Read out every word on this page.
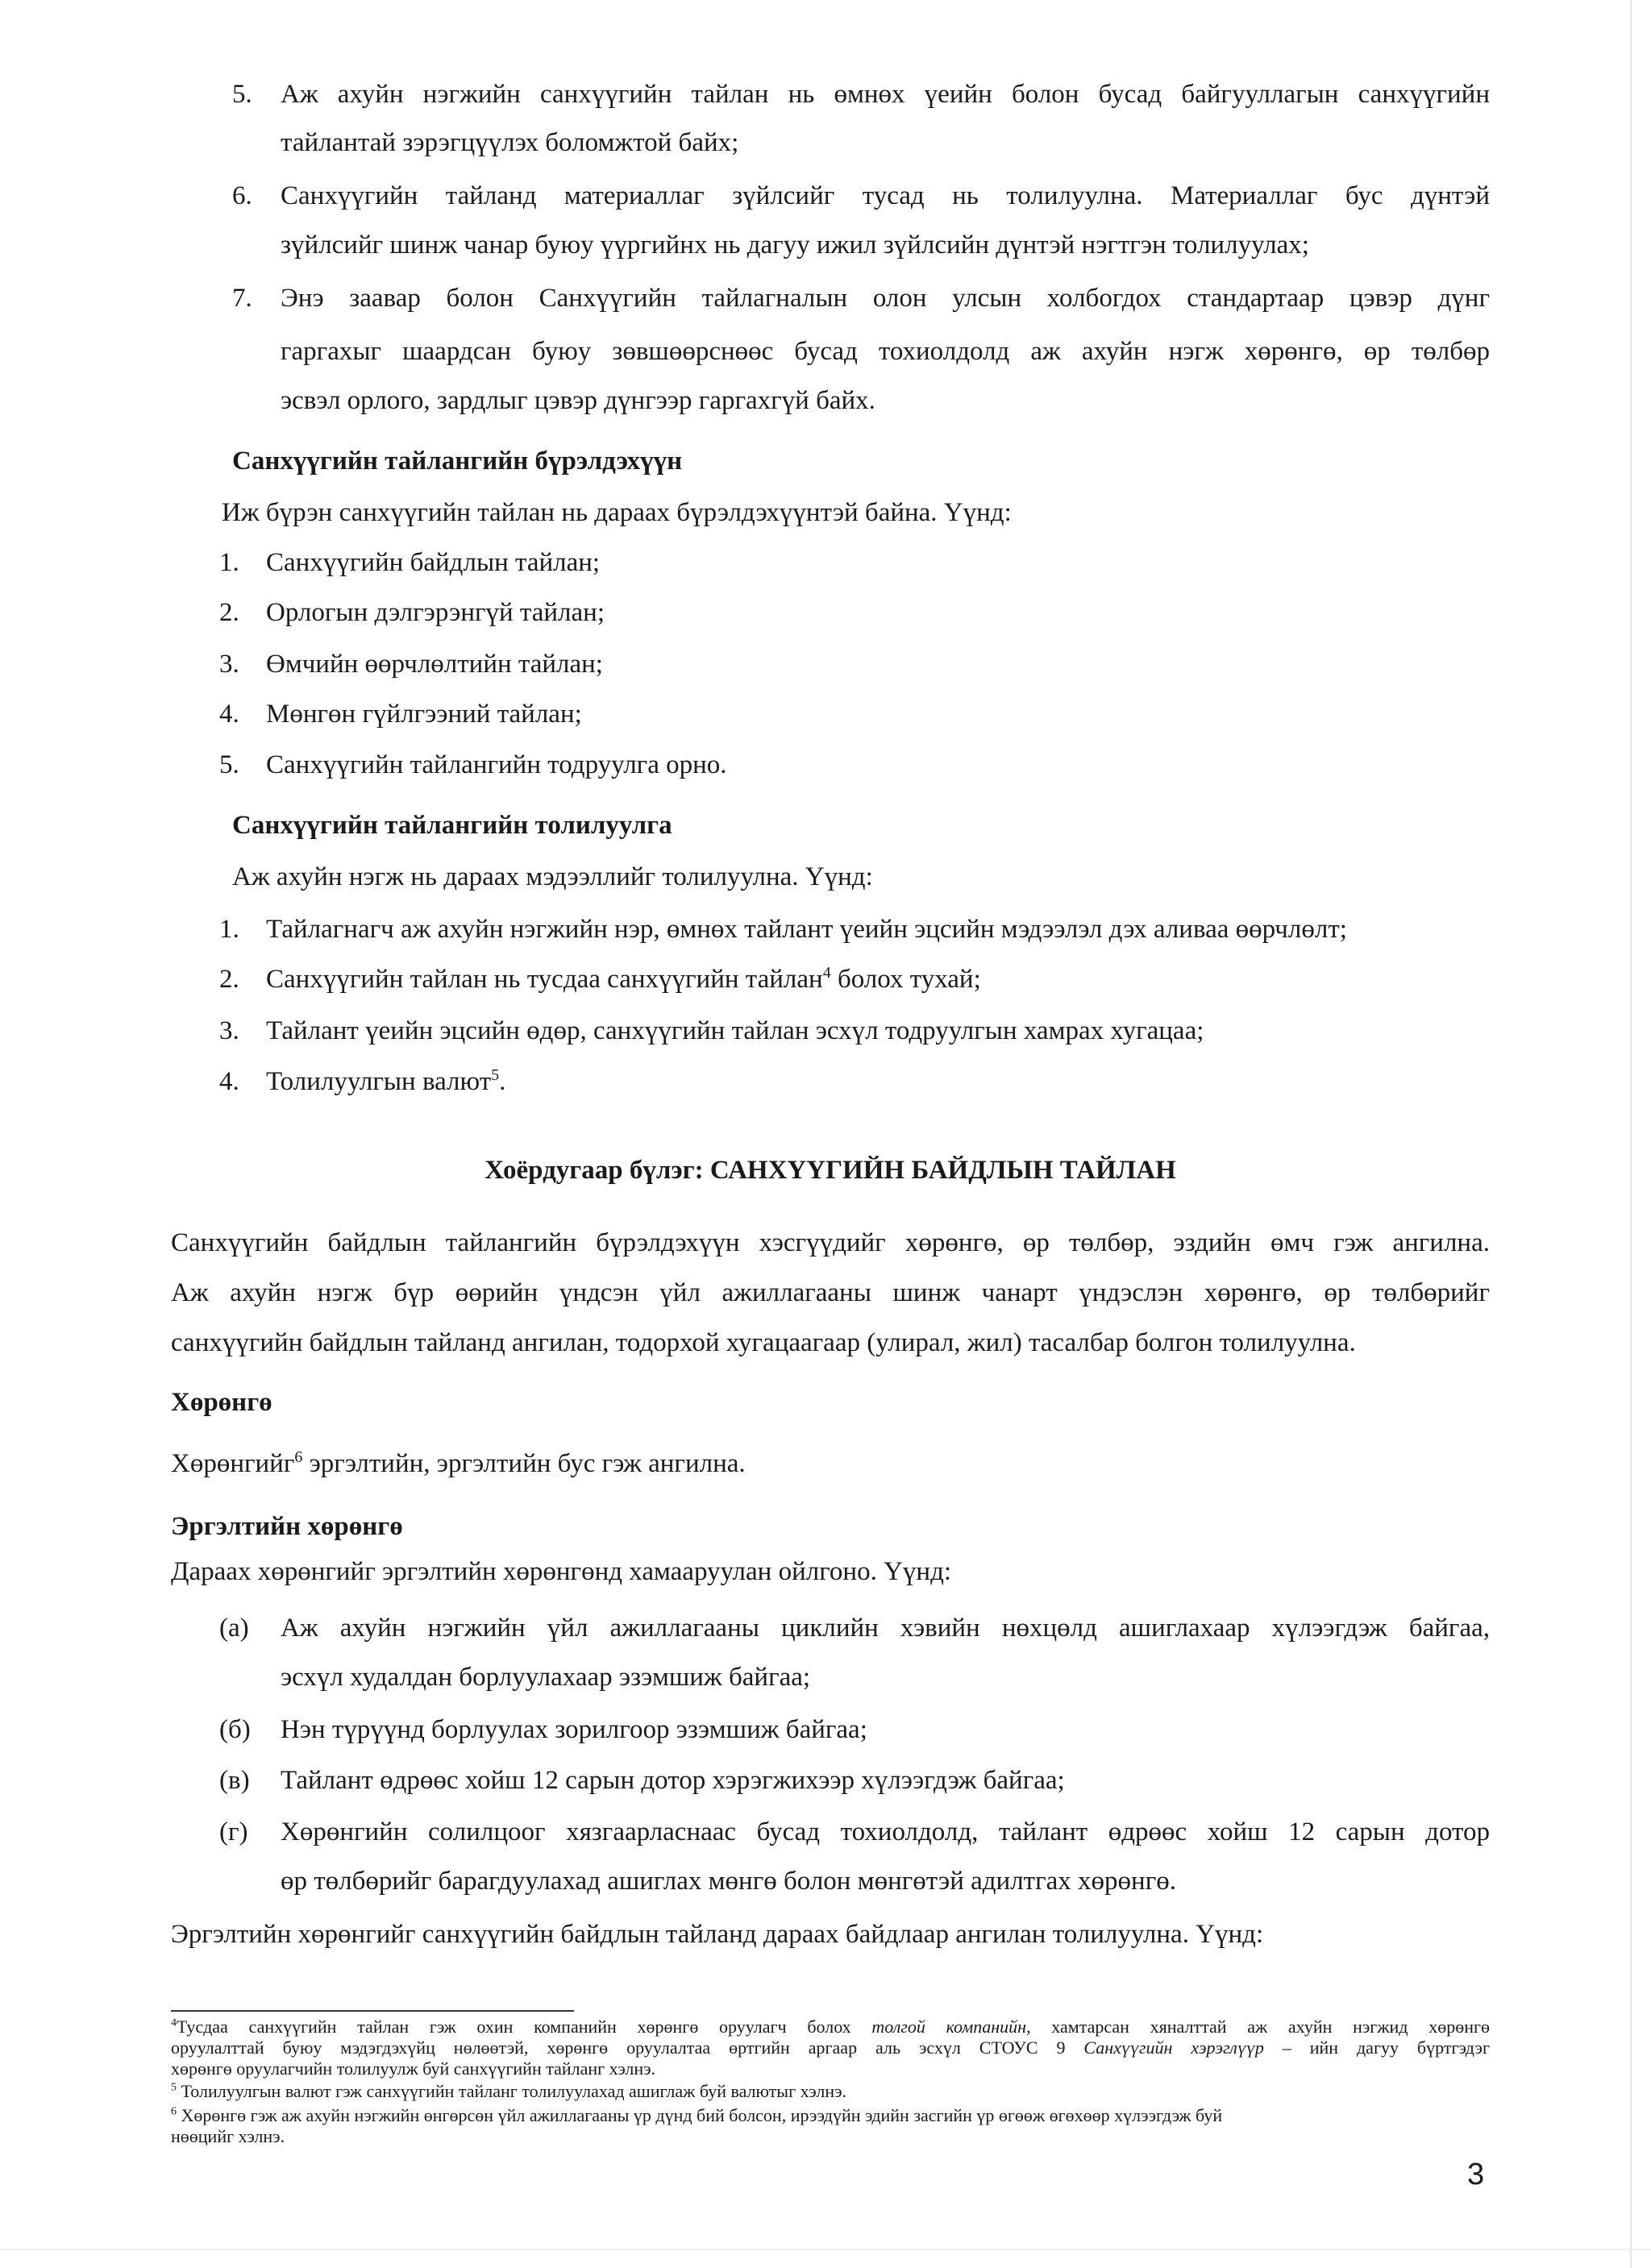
5. Аж ахуйн нэгжийн санхүүгийн тайлан нь өмнөх үеийн болон бусад байгууллагын санхүүгийн
тайлантай зэрэгцүүлэх боломжтой байх;
6. Санхүүгийн тайланд материаллаг зүйлсийг тусад нь толилуулна. Материаллаг бус дүнтэй
зүйлсийг шинж чанар буюу үүргийнх нь дагуу ижил зүйлсийн дүнтэй нэгтгэн толилуулах;
7. Энэ заавар болон Санхүүгийн тайлагналын олон улсын холбогдох стандартаар цэвэр дүнг
гаргахыг шаардсан буюу зөвшөөрснөөс бусад тохиолдолд аж ахуйн нэгж хөрөнгө, өр төлбөр
эсвэл орлого, зардлыг цэвэр дүнгээр гаргахгүй байх.
Санхүүгийн тайлангийн бүрэлдэхүүн
Иж бүрэн санхүүгийн тайлан нь дараах бүрэлдэхүүнтэй байна. Үүнд:
1. Санхүүгийн байдлын тайлан;
2. Орлогын дэлгэрэнгүй тайлан;
3. Өмчийн өөрчлөлтийн тайлан;
4. Мөнгөн гүйлгээний тайлан;
5. Санхүүгийн тайлангийн тодруулга орно.
Санхүүгийн тайлангийн толилуулга
Аж ахуйн нэгж нь дараах мэдээллийг толилуулна. Үүнд:
1. Тайлагнагч аж ахуйн нэгжийн нэр, өмнөх тайлант үеийн эцсийн мэдээлэл дэх аливаа өөрчлөлт;
2. Санхүүгийн тайлан нь тусдаа санхүүгийн тайлан$^4$ болох тухай;
3. Тайлант үеийн эцсийн өдөр, санхүүгийн тайлан эсхүл тодруулгын хамрах хугацаа;
4. Толилуулгын валют$^5$.
Хоёрдугаар бүлэг: САНХҮҮГИЙН БАЙДЛЫН ТАЙЛАН
Санхүүгийн байдлын тайлангийн бүрэлдэхүүн хэсгүүдийг хөрөнгө, өр төлбөр, эздийн өмч гэж ангилна.
Аж ахуйн нэгж бүр өөрийн үндсэн үйл ажиллагааны шинж чанарт үндэслэн хөрөнгө, өр төлбөрийг
санхүүгийн байдлын тайланд ангилан, тодорхой хугацаагаар (улирал, жил) тасалбар болгон толилуулна.
Хөрөнгө
Хөрөнгийг$^6$ эргэлтийн, эргэлтийн бус гэж ангилна.
Эргэлтийн хөрөнгө
Дараах хөрөнгийг эргэлтийн хөрөнгөнд хамааруулан ойлгоно. Үүнд:
(а) Аж ахуйн нэгжийн үйл ажиллагааны циклийн хэвийн нөхцөлд ашиглахаар хүлээгдэж байгаа,
эсхүл худалдан борлуулахаар эзэмшиж байгаа;
(б) Нэн түрүүнд борлуулах зорилгоор эзэмшиж байгаа;
(в) Тайлант өдрөөс хойш 12 сарын дотор хэрэгжихээр хүлээгдэж байгаа;
(г) Хөрөнгийн солилцоог хязгаарласнаас бусад тохиолдолд, тайлант өдрөөс хойш 12 сарын дотор
өр төлбөрийг барагдуулахад ашиглах мөнгө болон мөнгөтэй адилтгах хөрөнгө.
Эргэлтийн хөрөнгийг санхүүгийн байдлын тайланд дараах байдлаар ангилан толилуулна. Үүнд:
$^4$Тусдаа санхүүгийн тайлан гэж охин компанийн хөрөнгө оруулагч болох толгой компанийн, хамтарсан хяналттай аж ахуйн нэгжид хөрөнгө
оруулалттай буюу мэдэгдэхүйц нөлөөтэй, хөрөнгө оруулалтаа өртгийн аргаар аль эсхүл СТОУС 9 Санхүүгийн хэрэглүүр – ийн дагуу бүртгэдэг
хөрөнгө оруулагчийн толилуулж буй санхүүгийн тайланг хэлнэ.
$^5$ Толилуулгын валют гэж санхүүгийн тайланг толилуулахад ашиглаж буй валютыг хэлнэ.
$^6$ Хөрөнгө гэж аж ахуйн нэгжийн өнгөрсөн үйл ажиллагааны үр дүнд бий болсон, ирээдүйн эдийн засгийн үр өгөөж өгөхөөр хүлээгдэж буй
нөөцийг хэлнэ.
3
